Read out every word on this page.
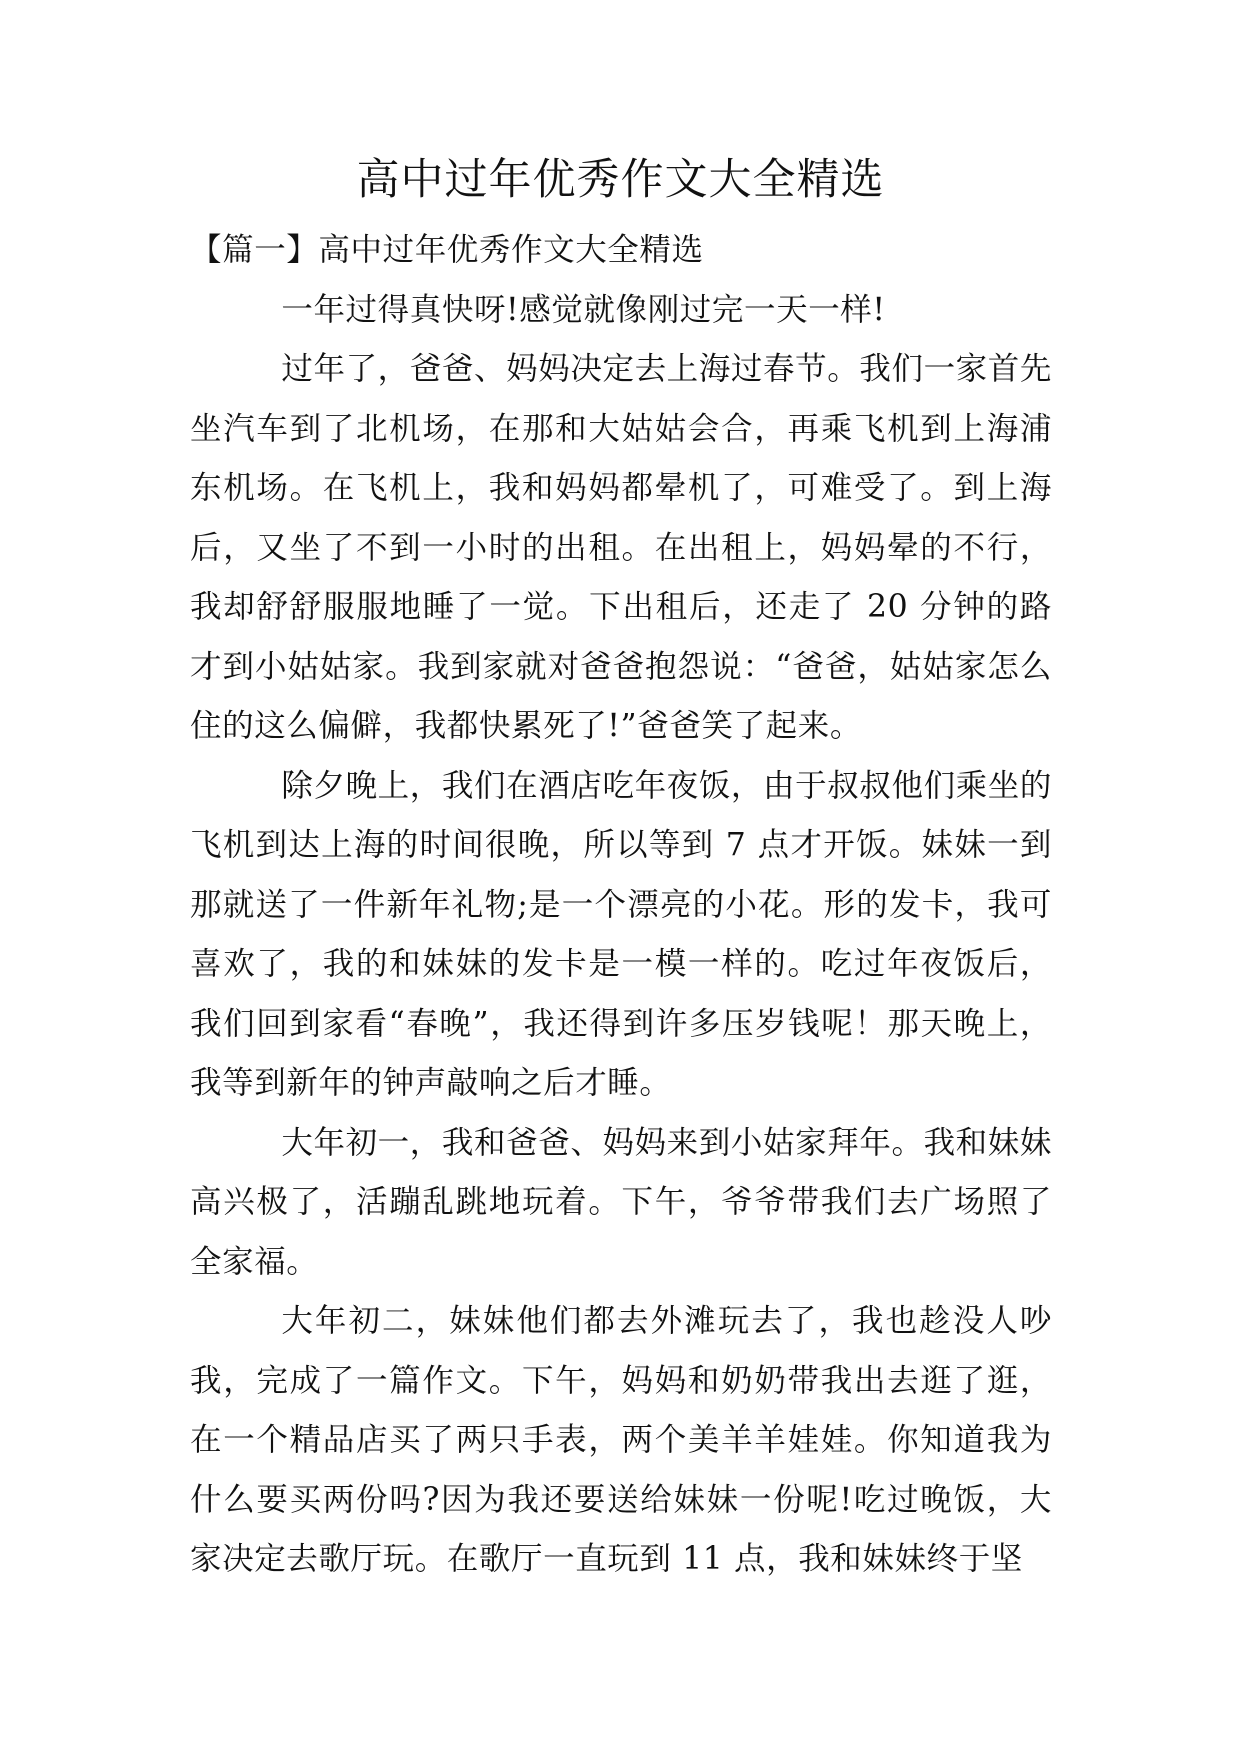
高中过年优秀作文大全精选

【篇一】高中过年优秀作文大全精选

一年过得真快呀!感觉就像刚过完一天一样!

过年了，爸爸、妈妈决定去上海过春节。我们一家首先坐汽车到了北机场，在那和大姑姑会合，再乘飞机到上海浦东机场。在飞机上，我和妈妈都晕机了，可难受了。到上海后，又坐了不到一小时的出租。在出租上，妈妈晕的不行，我却舒舒服服地睡了一觉。下出租后，还走了 20 分钟的路才到小姑姑家。我到家就对爸爸抱怨说：“爸爸，姑姑家怎么住的这么偏僻，我都快累死了!”爸爸笑了起来。

除夕晚上，我们在酒店吃年夜饭，由于叔叔他们乘坐的飞机到达上海的时间很晚，所以等到 7 点才开饭。妹妹一到那就送了一件新年礼物;是一个漂亮的小花。形的发卡，我可喜欢了，我的和妹妹的发卡是一模一样的。吃过年夜饭后，我们回到家看“春晚”，我还得到许多压岁钱呢！那天晚上，我等到新年的钟声敲响之后才睡。

大年初一，我和爸爸、妈妈来到小姑家拜年。我和妹妹高兴极了，活蹦乱跳地玩着。下午，爷爷带我们去广场照了全家福。

大年初二，妹妹他们都去外滩玩去了，我也趁没人吵我，完成了一篇作文。下午，妈妈和奶奶带我出去逛了逛，在一个精品店买了两只手表，两个美羊羊娃娃。你知道我为什么要买两份吗?因为我还要送给妹妹一份呢!吃过晚饭，大家决定去歌厅玩。在歌厅一直玩到 11 点，我和妹妹终于坚
